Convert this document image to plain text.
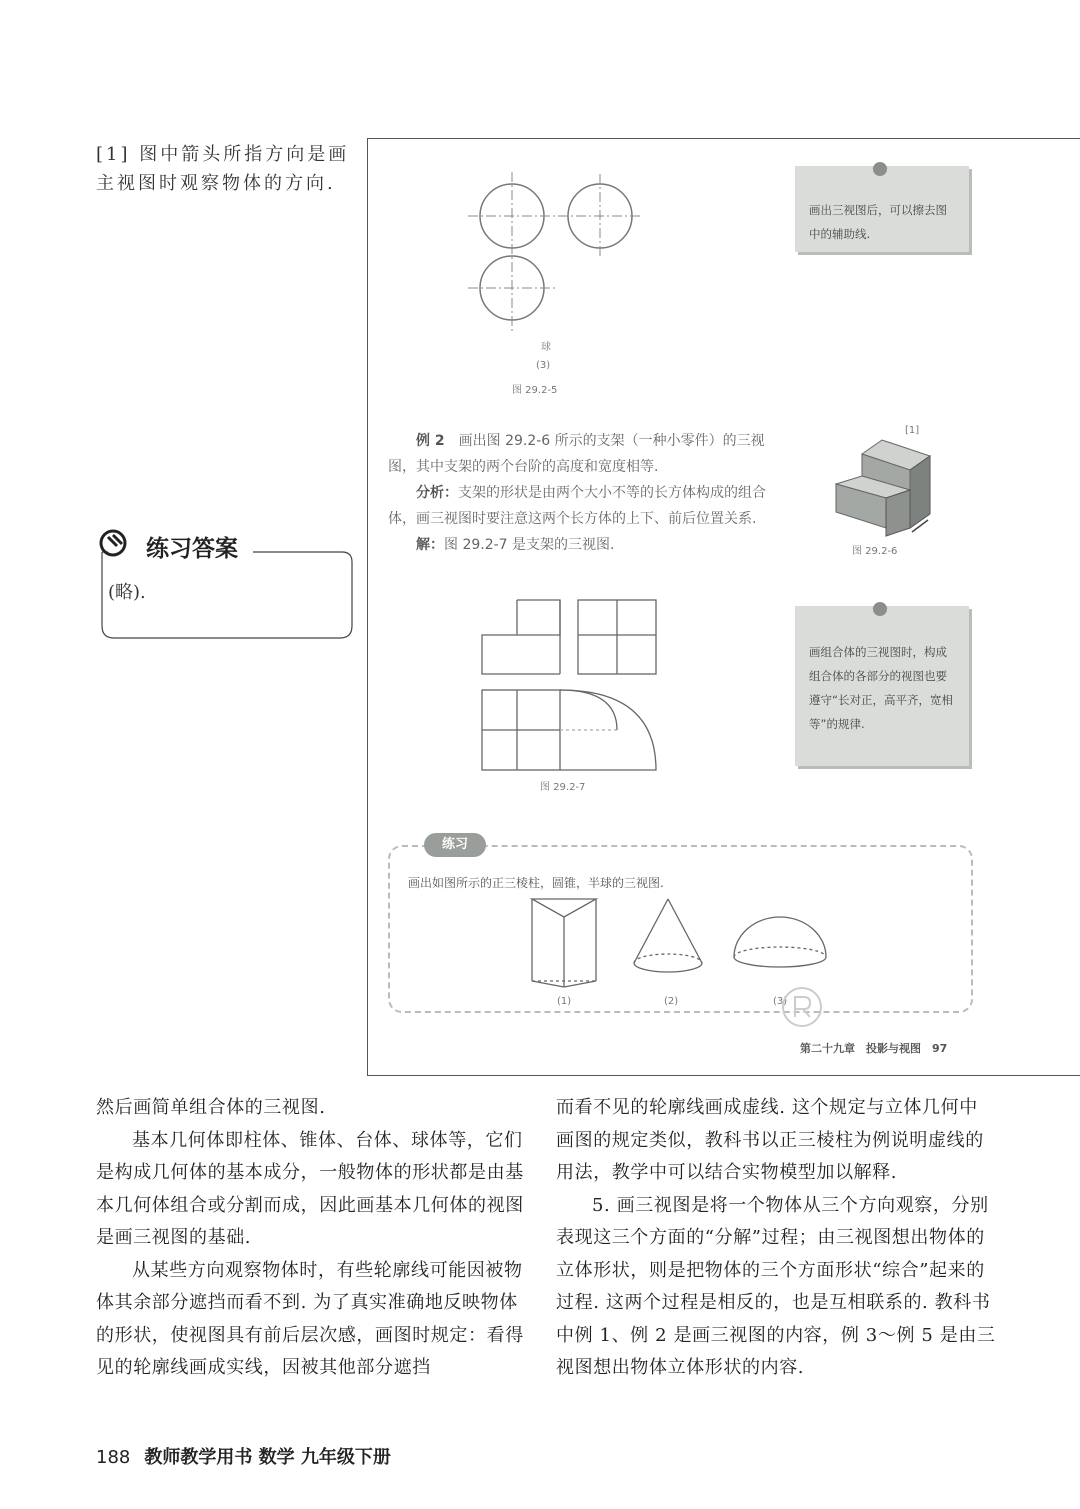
[1] 图中箭头所指方向是画主视图时观察物体的方向.
练习答案
(略).
球
(3)
图 29.2-5
画出三视图后，可以擦去图中的辅助线.
例 2　 画出图 29.2-6 所示的支架（一种小零件）的三视图，其中支架的两个台阶的高度和宽度相等.
分析：支架的形状是由两个大小不等的长方体构成的组合体，画三视图时要注意这两个长方体的上下、前后位置关系.
解：图 29.2-7 是支架的三视图.
[1]
图 29.2-6
图 29.2-7
画组合体的三视图时，构成组合体的各部分的视图也要遵守“长对正，高平齐，宽相等”的规律.
练习
画出如图所示的正三棱柱，圆锥，半球的三视图.
(1)	(2)	(3)
第二十九章　投影与视图　97

然后画简单组合体的三视图.

基本几何体即柱体、锥体、台体、球体等，它们是构成几何体的基本成分，一般物体的形状都是由基本几何体组合或分割而成，因此画基本几何体的视图是画三视图的基础.

从某些方向观察物体时，有些轮廓线可能因被物体其余部分遮挡而看不到. 为了真实准确地反映物体的形状，使视图具有前后层次感，画图时规定：看得见的轮廓线画成实线，因被其他部分遮挡

而看不见的轮廓线画成虚线. 这个规定与立体几何中画图的规定类似，教科书以正三棱柱为例说明虚线的用法，教学中可以结合实物模型加以解释.

5. 画三视图是将一个物体从三个方向观察，分别表现这三个方面的“分解”过程；由三视图想出物体的立体形状，则是把物体的三个方面形状“综合”起来的过程. 这两个过程是相反的，也是互相联系的. 教科书中例 1、例 2 是画三视图的内容，例 3～例 5 是由三视图想出物体立体形状的内容.

188 教师教学用书 数学 九年级下册
